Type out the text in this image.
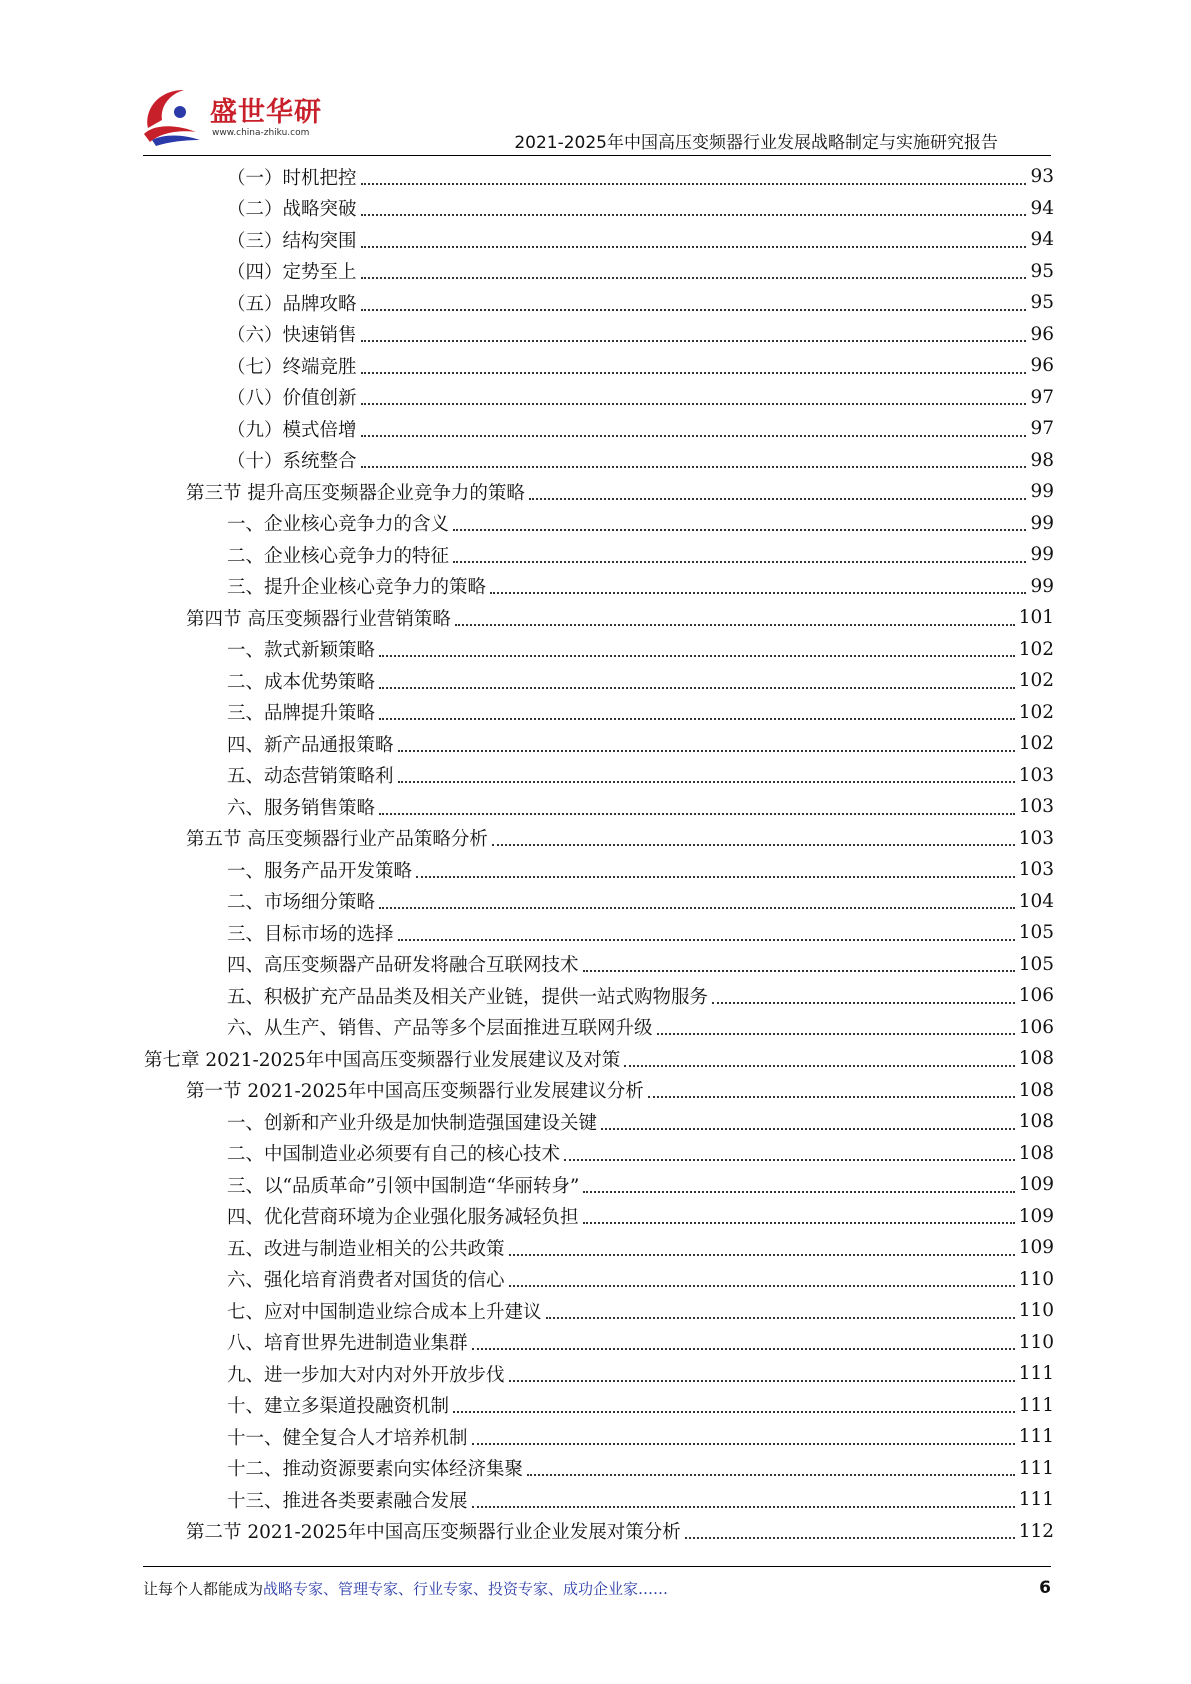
盛世华研
www.china-zhiku.com	2021-2025年中国高压变频器行业发展战略制定与实施研究报告
（一）时机把控	93
（二）战略突破	94
（三）结构突围	94
（四）定势至上	95
（五）品牌攻略	95
（六）快速销售	96
（七）终端竞胜	96
（八）价值创新	97
（九）模式倍增	97
（十）系统整合	98
第三节 提升高压变频器企业竞争力的策略	99
一、企业核心竞争力的含义	99
二、企业核心竞争力的特征	99
三、提升企业核心竞争力的策略	99
第四节 高压变频器行业营销策略	101
一、款式新颖策略	102
二、成本优势策略	102
三、品牌提升策略	102
四、新产品通报策略	102
五、动态营销策略利	103
六、服务销售策略	103
第五节 高压变频器行业产品策略分析	103
一、服务产品开发策略	103
二、市场细分策略	104
三、目标市场的选择	105
四、高压变频器产品研发将融合互联网技术	105
五、积极扩充产品品类及相关产业链，提供一站式购物服务	106
六、从生产、销售、产品等多个层面推进互联网升级	106
第七章 2021-2025年中国高压变频器行业发展建议及对策	108
第一节 2021-2025年中国高压变频器行业发展建议分析	108
一、创新和产业升级是加快制造强国建设关键	108
二、中国制造业必须要有自己的核心技术	108
三、以“品质革命”引领中国制造“华丽转身”	109
四、优化营商环境为企业强化服务减轻负担	109
五、改进与制造业相关的公共政策	109
六、强化培育消费者对国货的信心	110
七、应对中国制造业综合成本上升建议	110
八、培育世界先进制造业集群	110
九、进一步加大对内对外开放步伐	111
十、建立多渠道投融资机制	111
十一、健全复合人才培养机制	111
十二、推动资源要素向实体经济集聚	111
十三、推进各类要素融合发展	111
第二节 2021-2025年中国高压变频器行业企业发展对策分析	112
让每个人都能成为战略专家、管理专家、行业专家、投资专家、成功企业家……	6
